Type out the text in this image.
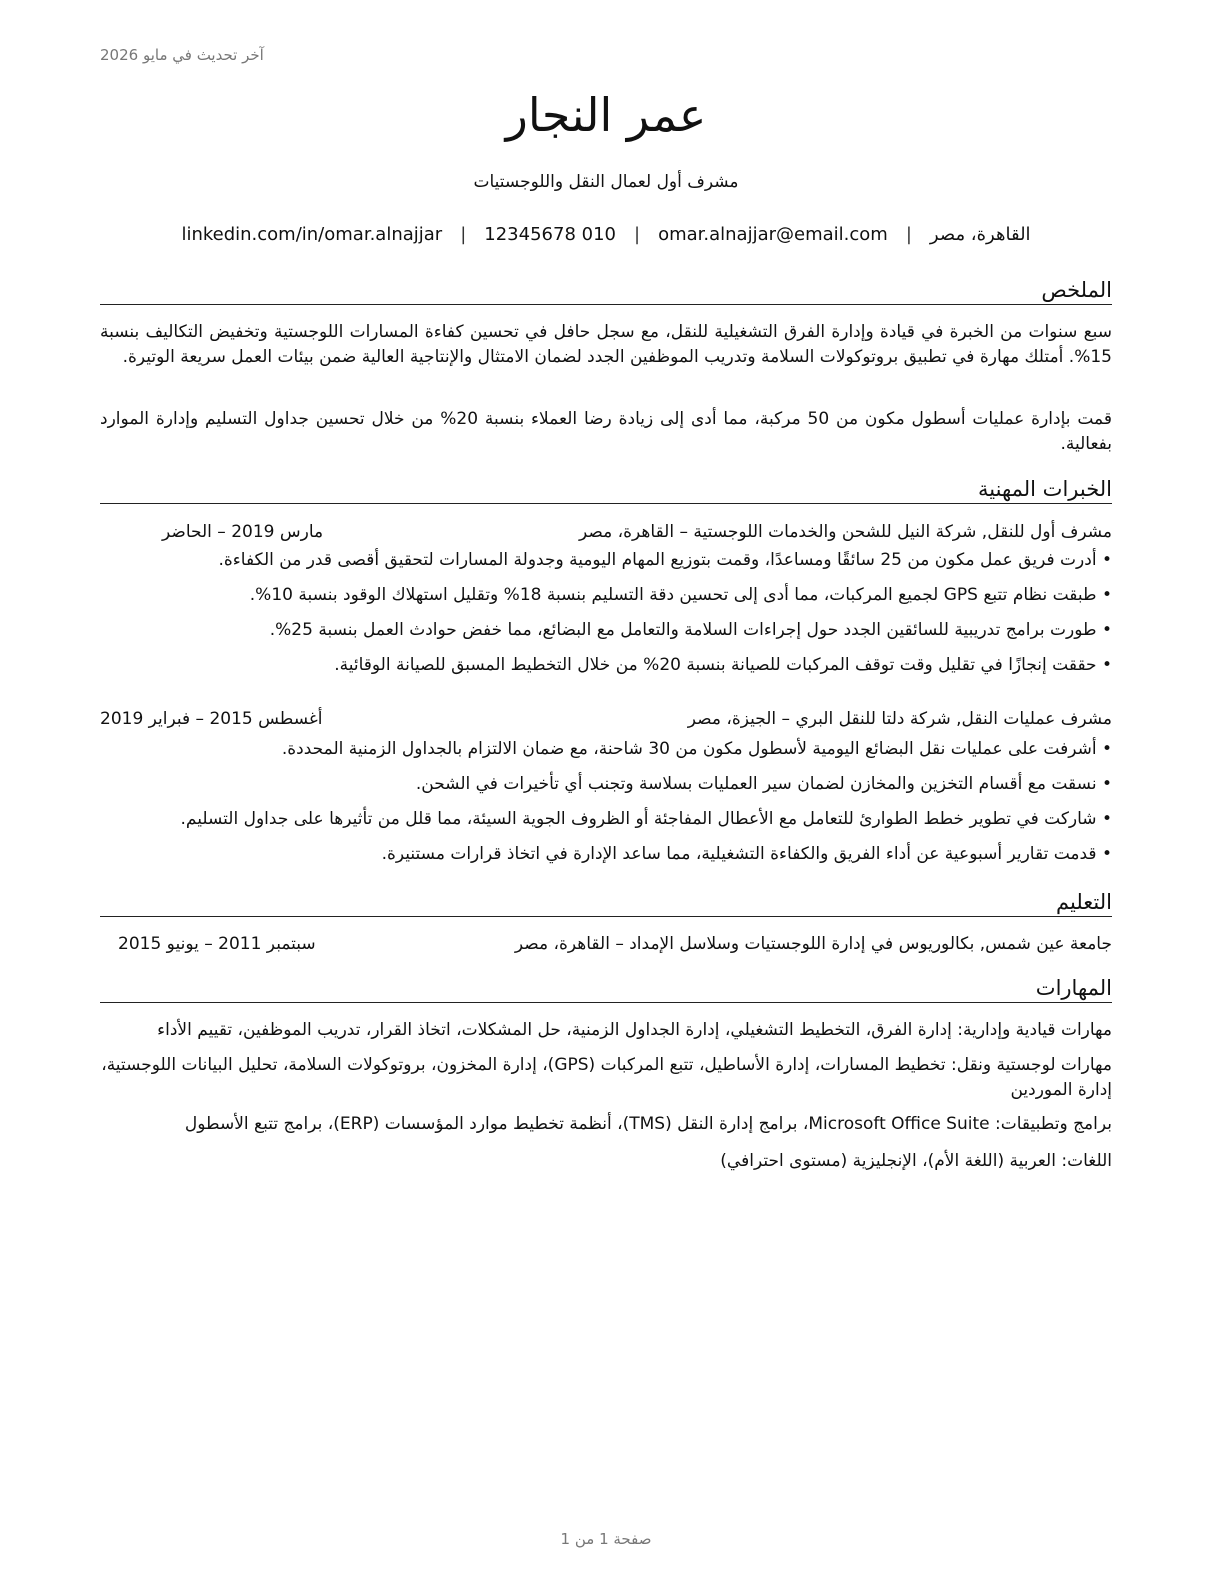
آخر تحديث في مايو 2026
عمر النجار
مشرف أول لعمال النقل واللوجستيات
القاهرة، مصر
|
omar.alnajjar@email.com
|
12345678 010
|
linkedin.com/in/omar.alnajjar
الملخص
سبع سنوات من الخبرة في قيادة وإدارة الفرق التشغيلية للنقل، مع سجل حافل في تحسين كفاءة المسارات اللوجستية وتخفيض التكاليف بنسبة 15%. أمتلك مهارة في تطبيق بروتوكولات السلامة وتدريب الموظفين الجدد لضمان الامتثال والإنتاجية العالية ضمن بيئات العمل سريعة الوتيرة.
قمت بإدارة عمليات أسطول مكون من 50 مركبة، مما أدى إلى زيادة رضا العملاء بنسبة 20% من خلال تحسين جداول التسليم وإدارة الموارد بفعالية.
الخبرات المهنية
مشرف أول للنقل, شركة النيل للشحن والخدمات اللوجستية – القاهرة، مصر
مارس 2019 – الحاضر
• أدرت فريق عمل مكون من 25 سائقًا ومساعدًا، وقمت بتوزيع المهام اليومية وجدولة المسارات لتحقيق أقصى قدر من الكفاءة.
• طبقت نظام تتبع GPS لجميع المركبات، مما أدى إلى تحسين دقة التسليم بنسبة 18% وتقليل استهلاك الوقود بنسبة 10%.
• طورت برامج تدريبية للسائقين الجدد حول إجراءات السلامة والتعامل مع البضائع، مما خفض حوادث العمل بنسبة 25%.
• حققت إنجازًا في تقليل وقت توقف المركبات للصيانة بنسبة 20% من خلال التخطيط المسبق للصيانة الوقائية.
مشرف عمليات النقل, شركة دلتا للنقل البري – الجيزة، مصر
أغسطس 2015 – فبراير 2019
• أشرفت على عمليات نقل البضائع اليومية لأسطول مكون من 30 شاحنة، مع ضمان الالتزام بالجداول الزمنية المحددة.
• نسقت مع أقسام التخزين والمخازن لضمان سير العمليات بسلاسة وتجنب أي تأخيرات في الشحن.
• شاركت في تطوير خطط الطوارئ للتعامل مع الأعطال المفاجئة أو الظروف الجوية السيئة، مما قلل من تأثيرها على جداول التسليم.
• قدمت تقارير أسبوعية عن أداء الفريق والكفاءة التشغيلية، مما ساعد الإدارة في اتخاذ قرارات مستنيرة.
التعليم
جامعة عين شمس, بكالوريوس في إدارة اللوجستيات وسلاسل الإمداد – القاهرة، مصر
سبتمبر 2011 – يونيو 2015
المهارات
مهارات قيادية وإدارية: إدارة الفرق، التخطيط التشغيلي، إدارة الجداول الزمنية، حل المشكلات، اتخاذ القرار، تدريب الموظفين، تقييم الأداء
مهارات لوجستية ونقل: تخطيط المسارات، إدارة الأساطيل، تتبع المركبات (GPS)، إدارة المخزون، بروتوكولات السلامة، تحليل البيانات اللوجستية، إدارة الموردين
برامج وتطبيقات: Microsoft Office Suite، برامج إدارة النقل (TMS)، أنظمة تخطيط موارد المؤسسات (ERP)، برامج تتبع الأسطول
اللغات: العربية (اللغة الأم)، الإنجليزية (مستوى احترافي)
صفحة 1 من 1
